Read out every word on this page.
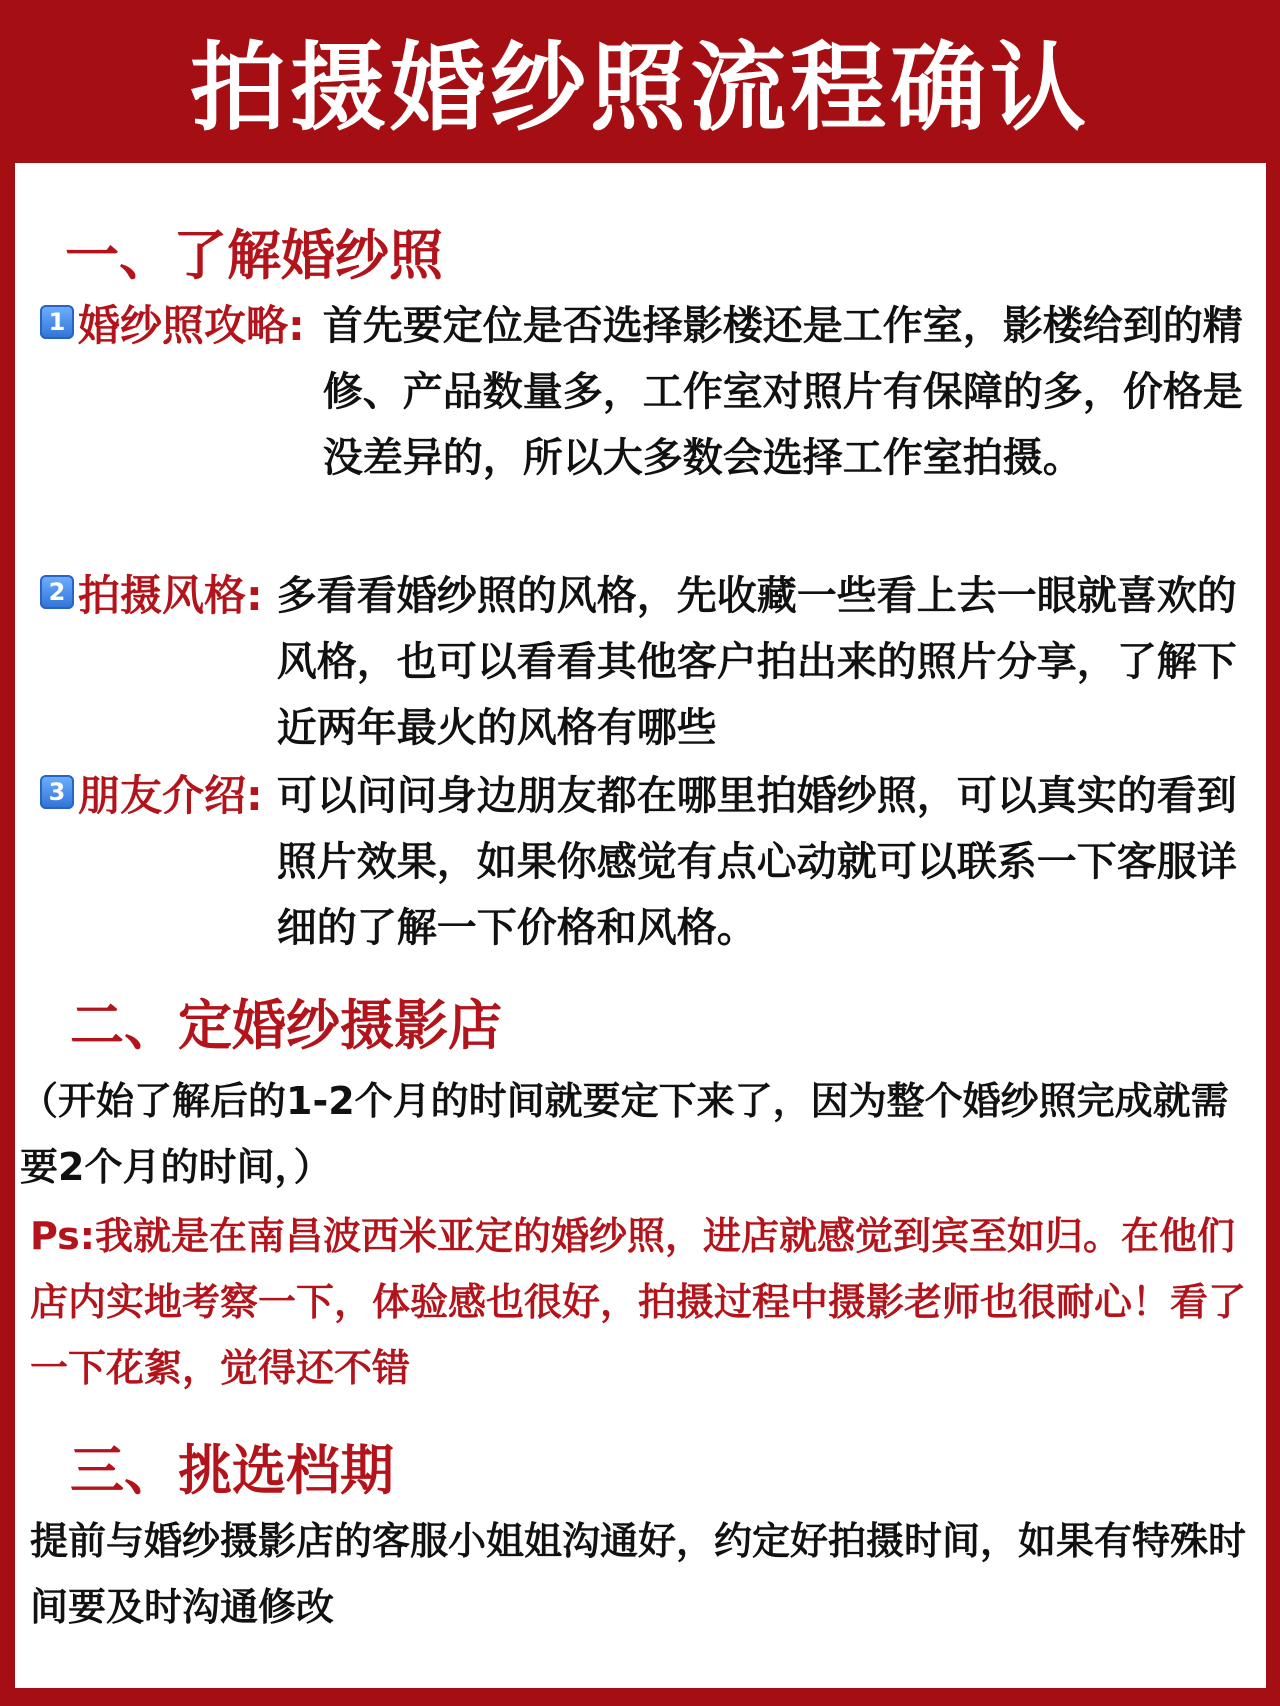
拍摄婚纱照流程确认
一、了解婚纱照
1 婚纱照攻略: 首先要定位是否选择影楼还是工作室，影楼给到的精修、产品数量多，工作室对照片有保障的多，价格是没差异的，所以大多数会选择工作室拍摄。
2 拍摄风格: 多看看婚纱照的风格，先收藏一些看上去一眼就喜欢的风格，也可以看看其他客户拍出来的照片分享，了解下近两年最火的风格有哪些
3 朋友介绍: 可以问问身边朋友都在哪里拍婚纱照，可以真实的看到照片效果，如果你感觉有点心动就可以联系一下客服详细的了解一下价格和风格。
二、定婚纱摄影店
（开始了解后的1-2个月的时间就要定下来了，因为整个婚纱照完成就需要2个月的时间，）
Ps:我就是在南昌波西米亚定的婚纱照，进店就感觉到宾至如归。在他们店内实地考察一下，体验感也很好，拍摄过程中摄影老师也很耐心！看了一下花絮，觉得还不错
三、挑选档期
提前与婚纱摄影店的客服小姐姐沟通好，约定好拍摄时间，如果有特殊时间要及时沟通修改
